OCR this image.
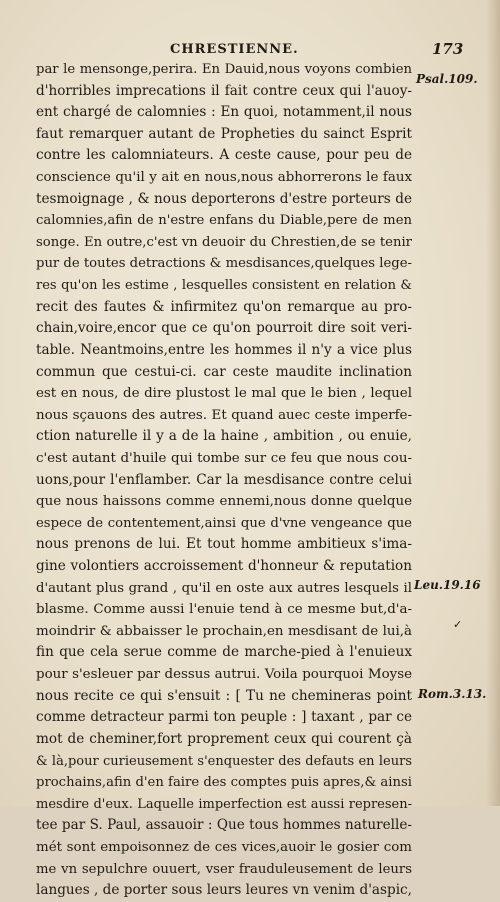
CHRESTIENNE.	173
par le mensonge,perira. En Dauid,nous voyons combien
d'horribles imprecations il fait contre ceux qui l'auoy-
ent chargé de calomnies : En quoi, notamment,il nous
faut remarquer autant de Propheties du sainct Esprit
contre les calomniateurs. A ceste cause, pour peu de
conscience qu'il y ait en nous,nous abhorrerons le faux
tesmoignage , & nous deporterons d'estre porteurs de
calomnies,afin de n'estre enfans du Diable,pere de men
songe. En outre,c'est vn deuoir du Chrestien,de se tenir
pur de toutes detractions & mesdisances,quelques lege-
res qu'on les estime , lesquelles consistent en relation &
recit des fautes & infirmitez qu'on remarque au pro-
chain,voire,encor que ce qu'on pourroit dire soit veri-
table. Neantmoins,entre les hommes il n'y a vice plus
commun que cestui-ci. car ceste maudite inclination
est en nous, de dire plustost le mal que le bien , lequel
nous sçauons des autres. Et quand auec ceste imperfe-
ction naturelle il y a de la haine , ambition , ou enuie,
c'est autant d'huile qui tombe sur ce feu que nous cou-
uons,pour l'enflamber. Car la mesdisance contre celui
que nous haissons comme ennemi,nous donne quelque
espece de contentement,ainsi que d'vne vengeance que
nous prenons de lui. Et tout homme ambitieux s'ima-
gine volontiers accroissement d'honneur & reputation
d'autant plus grand , qu'il en oste aux autres lesquels il
blasme. Comme aussi l'enuie tend à ce mesme but,d'a-
moindrir & abbaisser le prochain,en mesdisant de lui,à
fin que cela serue comme de marche-pied à l'enuieux
pour s'esleuer par dessus autrui. Voila pourquoi Moyse
nous recite ce qui s'ensuit : [ Tu ne chemineras point
comme detracteur parmi ton peuple : ] taxant , par ce
mot de cheminer,fort proprement ceux qui courent çà
& là,pour curieusement s'enquester des defauts en leurs
prochains,afin d'en faire des comptes puis apres,& ainsi
mesdire d'eux. Laquelle imperfection est aussi represen-
tee par S. Paul, assauoir : Que tous hommes naturelle-
mét sont empoisonnez de ces vices,auoir le gosier com
me vn sepulchre ouuert, vser frauduleusement de leurs
langues , de porter sous leurs leures vn venim d'aspic,
Psal.109.
Leu.19.16
✓
Rom.3.13.
